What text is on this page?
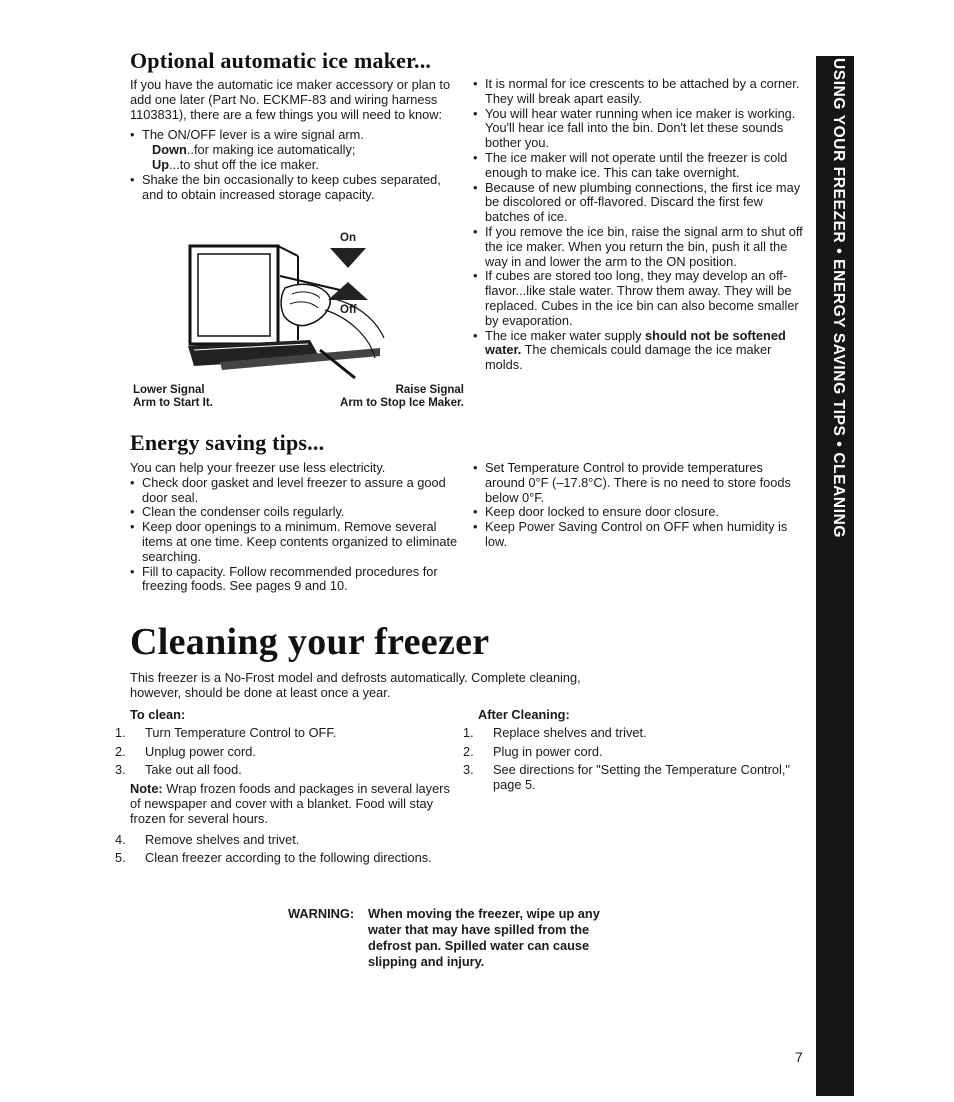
USING YOUR FREEZER • ENERGY SAVING TIPS • CLEANING
Optional automatic ice maker...

If you have the automatic ice maker accessory or plan to add one later (Part No. ECKMF-83 and wiring harness 1103831), there are a few things you will need to know:

• The ON/OFF lever is a wire signal arm.

Down..for making ice automatically;

Up...to shut off the ice maker.

• Shake the bin occasionally to keep cubes separated, and to obtain increased storage capacity.
On
Off
Lower Signal
Arm to Start It.
Raise Signal
Arm to Stop Ice Maker.
• It is normal for ice crescents to be attached by a corner. They will break apart easily.
• You will hear water running when ice maker is working. You'll hear ice fall into the bin. Don't let these sounds bother you.
• The ice maker will not operate until the freezer is cold enough to make ice. This can take overnight.
• Because of new plumbing connections, the first ice may be discolored or off-flavored. Discard the first few batches of ice.
• If you remove the ice bin, raise the signal arm to shut off the ice maker. When you return the bin, push it all the way in and lower the arm to the ON position.
• If cubes are stored too long, they may develop an off-flavor...like stale water. Throw them away. They will be replaced. Cubes in the ice bin can also become smaller by evaporation.
• The ice maker water supply should not be softened water. The chemicals could damage the ice maker molds.
Energy saving tips...

You can help your freezer use less electricity.

• Check door gasket and level freezer to assure a good door seal.
• Clean the condenser coils regularly.
• Keep door openings to a minimum. Remove several items at one time. Keep contents organized to eliminate searching.
• Fill to capacity. Follow recommended procedures for freezing foods. See pages 9 and 10.
• Set Temperature Control to provide temperatures around 0°F (–17.8°C). There is no need to store foods below 0°F.
• Keep door locked to ensure door closure.
• Keep Power Saving Control on OFF when humidity is low.
Cleaning your freezer
This freezer is a No-Frost model and defrosts automatically. Complete cleaning, however, should be done at least once a year.

To clean:

1. Turn Temperature Control to OFF.
2. Unplug power cord.
3. Take out all food.

Note: Wrap frozen foods and packages in several layers of newspaper and cover with a blanket. Food will stay frozen for several hours.

4. Remove shelves and trivet.
5. Clean freezer according to the following directions.

After Cleaning:

1. Replace shelves and trivet.
2. Plug in power cord.
3. See directions for "Setting the Temperature Control," page 5.
WARNING:	When moving the freezer, wipe up any water that may have spilled from the defrost pan. Spilled water can cause slipping and injury.
7
